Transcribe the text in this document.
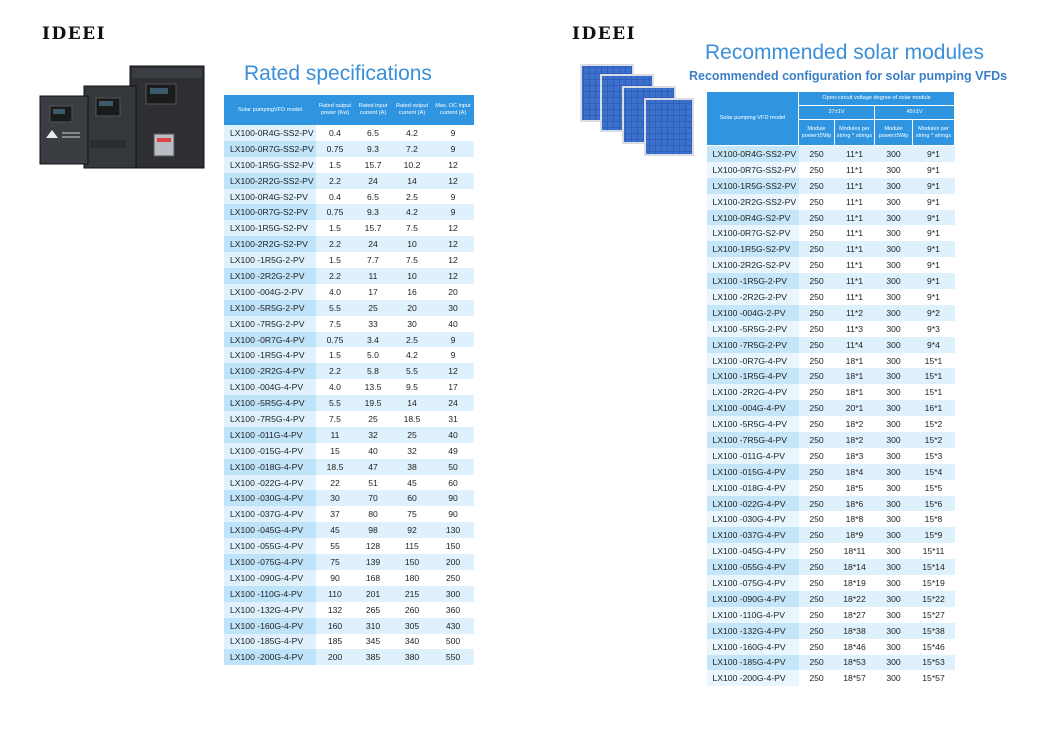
IDEEI	IDEEI
Rated specifications
Recommended solar modules
Recommended configuration for solar pumping VFDs
Solar pumpingVFD model	Rated output power (Kw)	Rated input current (A)	Rated output current (A)	Max. DC input current (A)
LX100-0R4G-SS2-PV	0.4	6.5	4.2	9
LX100-0R7G-SS2-PV	0.75	9.3	7.2	9
LX100-1R5G-SS2-PV	1.5	15.7	10.2	12
LX100-2R2G-SS2-PV	2.2	24	14	12
LX100-0R4G-S2-PV	0.4	6.5	2.5	9
LX100-0R7G-S2-PV	0.75	9.3	4.2	9
LX100-1R5G-S2-PV	1.5	15.7	7.5	12
LX100-2R2G-S2-PV	2.2	24	10	12
LX100 -1R5G-2-PV	1.5	7.7	7.5	12
LX100 -2R2G-2-PV	2.2	11	10	12
LX100 -004G-2-PV	4.0	17	16	20
LX100 -5R5G-2-PV	5.5	25	20	30
LX100 -7R5G-2-PV	7.5	33	30	40
LX100 -0R7G-4-PV	0.75	3.4	2.5	9
LX100 -1R5G-4-PV	1.5	5.0	4.2	9
LX100 -2R2G-4-PV	2.2	5.8	5.5	12
LX100 -004G-4-PV	4.0	13.5	9.5	17
LX100 -5R5G-4-PV	5.5	19.5	14	24
LX100 -7R5G-4-PV	7.5	25	18.5	31
LX100 -011G-4-PV	11	32	25	40
LX100 -015G-4-PV	15	40	32	49
LX100 -018G-4-PV	18.5	47	38	50
LX100 -022G-4-PV	22	51	45	60
LX100 -030G-4-PV	30	70	60	90
LX100 -037G-4-PV	37	80	75	90
LX100 -045G-4-PV	45	98	92	130
LX100 -055G-4-PV	55	128	115	150
LX100 -075G-4-PV	75	139	150	200
LX100 -090G-4-PV	90	168	180	250
LX100 -110G-4-PV	110	201	215	300
LX100 -132G-4-PV	132	265	260	360
LX100 -160G-4-PV	160	310	305	430
LX100 -185G-4-PV	185	345	340	500
LX100 -200G-4-PV	200	385	380	550
Solar pumping VFD model	Open-circuit voltage degree of solar module			
	37±1V		45±1V	
	Module power±5Wp	Modules per string * strings	Module power±5Wp	Modules per string * strings
LX100-0R4G-SS2-PV	250	11*1	300	9*1
LX100-0R7G-SS2-PV	250	11*1	300	9*1
LX100-1R5G-SS2-PV	250	11*1	300	9*1
LX100-2R2G-SS2-PV	250	11*1	300	9*1
LX100-0R4G-S2-PV	250	11*1	300	9*1
LX100-0R7G-S2-PV	250	11*1	300	9*1
LX100-1R5G-S2-PV	250	11*1	300	9*1
LX100-2R2G-S2-PV	250	11*1	300	9*1
LX100 -1R5G-2-PV	250	11*1	300	9*1
LX100 -2R2G-2-PV	250	11*1	300	9*1
LX100 -004G-2-PV	250	11*2	300	9*2
LX100 -5R5G-2-PV	250	11*3	300	9*3
LX100 -7R5G-2-PV	250	11*4	300	9*4
LX100 -0R7G-4-PV	250	18*1	300	15*1
LX100 -1R5G-4-PV	250	18*1	300	15*1
LX100 -2R2G-4-PV	250	18*1	300	15*1
LX100 -004G-4-PV	250	20*1	300	16*1
LX100 -5R5G-4-PV	250	18*2	300	15*2
LX100 -7R5G-4-PV	250	18*2	300	15*2
LX100 -011G-4-PV	250	18*3	300	15*3
LX100 -015G-4-PV	250	18*4	300	15*4
LX100 -018G-4-PV	250	18*5	300	15*5
LX100 -022G-4-PV	250	18*6	300	15*6
LX100 -030G-4-PV	250	18*8	300	15*8
LX100 -037G-4-PV	250	18*9	300	15*9
LX100 -045G-4-PV	250	18*11	300	15*11
LX100 -055G-4-PV	250	18*14	300	15*14
LX100 -075G-4-PV	250	18*19	300	15*19
LX100 -090G-4-PV	250	18*22	300	15*22
LX100 -110G-4-PV	250	18*27	300	15*27
LX100 -132G-4-PV	250	18*38	300	15*38
LX100 -160G-4-PV	250	18*46	300	15*46
LX100 -185G-4-PV	250	18*53	300	15*53
LX100 -200G-4-PV	250	18*57	300	15*57
